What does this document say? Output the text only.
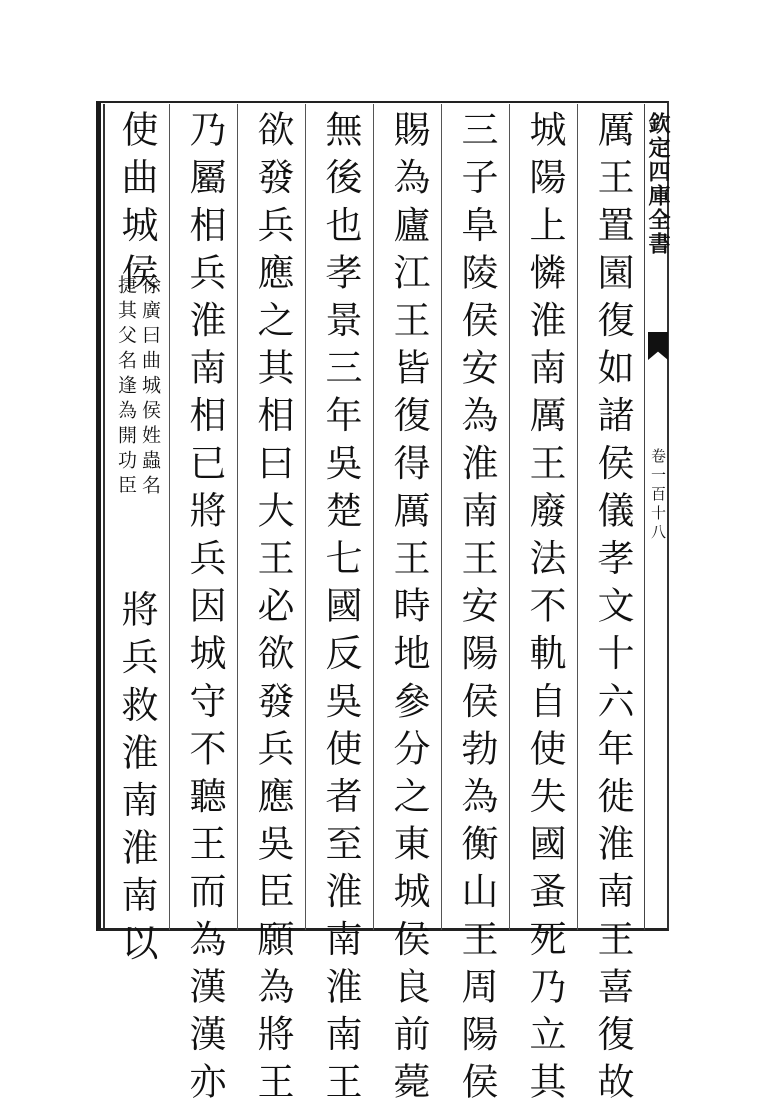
欽定四庫全書
卷一百十八
厲王置園復如諸侯儀孝文十六年徙淮南王喜復故
城陽上憐淮南厲王廢法不軌自使失國蚤死乃立其
三子阜陵侯安為淮南王安陽侯勃為衡山王周陽侯
賜為廬江王皆復得厲王時地參分之東城侯良前薨
無後也孝景三年吳楚七國反吳使者至淮南淮南王
欲發兵應之其相曰大王必欲發兵應吳臣願為將王
乃屬相兵淮南相已將兵因城守不聽王而為漢漢亦
使曲城侯
徐廣曰曲城侯姓蟲名
捷其父名逢為開功臣
將兵救淮南淮南以
